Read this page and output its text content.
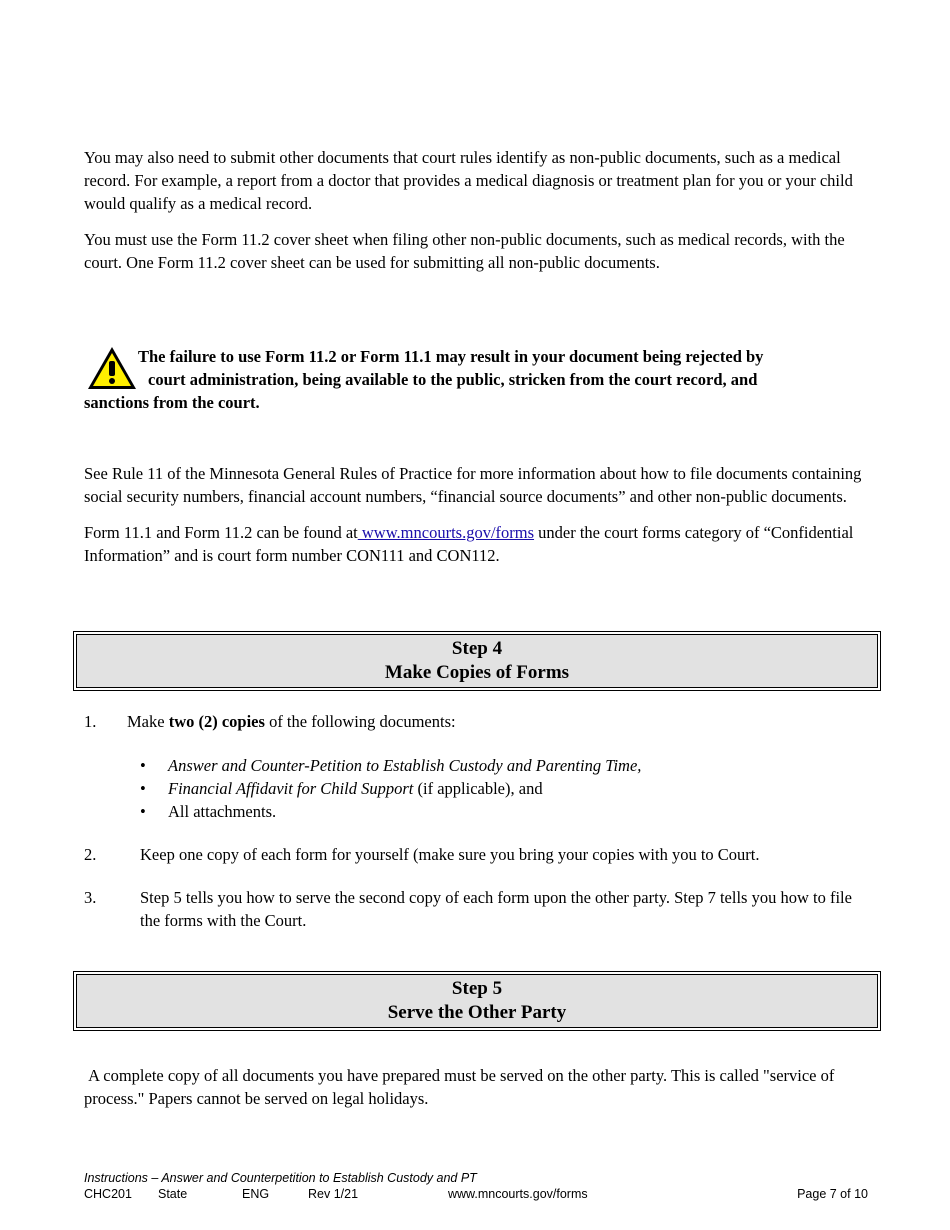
You may also need to submit other documents that court rules identify as non-public documents, such as a medical record. For example, a report from a doctor that provides a medical diagnosis or treatment plan for you or your child would qualify as a medical record.

You must use the Form 11.2 cover sheet when filing other non-public documents, such as medical records, with the court. One Form 11.2 cover sheet can be used for submitting all non-public documents.

The failure to use Form 11.2 or Form 11.1 may result in your document being rejected by
court administration, being available to the public, stricken from the court record, and
sanctions from the court.

See Rule 11 of the Minnesota General Rules of Practice for more information about how to file documents containing social security numbers, financial account numbers, “financial source documents” and other non-public documents.

Form 11.1 and Form 11.2 can be found at www.mncourts.gov/forms under the court forms category of “Confidential Information” and is court form number CON111 and CON112.

Step 4
Make Copies of Forms
1. Make two (2) copies of the following documents:
• Answer and Counter-Petition to Establish Custody and Parenting Time,
• Financial Affidavit for Child Support (if applicable), and
• All attachments.
2.	Keep one copy of each form for yourself (make sure you bring your copies with you to Court.
3.	Step 5 tells you how to serve the second copy of each form upon the other party. Step 7 tells you how to file the forms with the Court.
Step 5
Serve the Other Party

A complete copy of all documents you have prepared must be served on the other party. This is called "service of process." Papers cannot be served on legal holidays.

Instructions – Answer and Counterpetition to Establish Custody and PT
CHC201 State	ENG	Rev 1/21	www.mncourts.gov/forms	Page 7 of 10
